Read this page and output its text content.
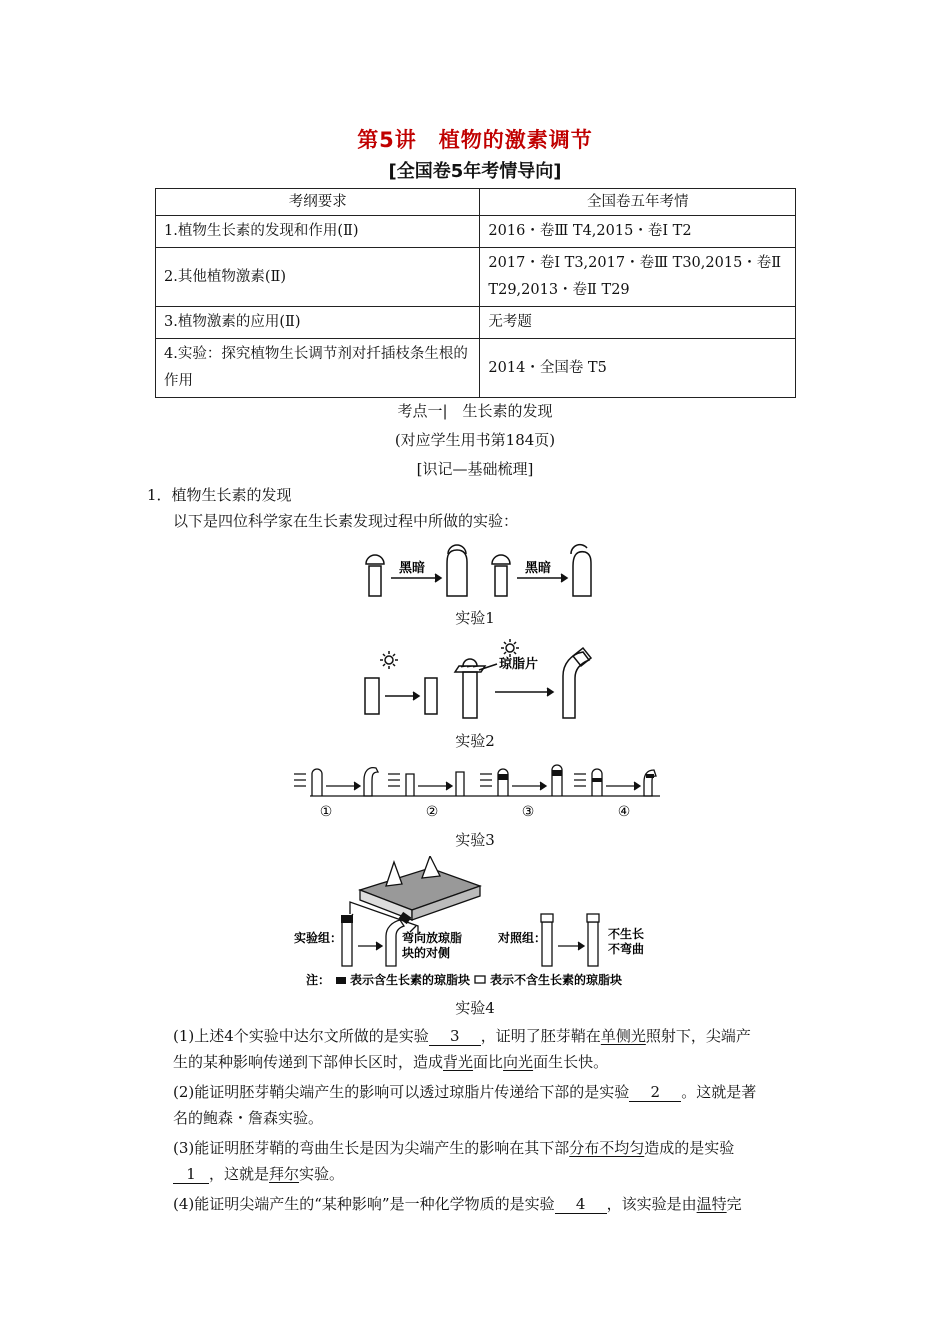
第5讲　植物的激素调节
[全国卷5年考情导向]
考纲要求	全国卷五年考情
1.植物生长素的发现和作用(Ⅱ)	2016・卷Ⅲ T4,2015・卷Ⅰ T2
2.其他植物激素(Ⅱ)	2017・卷Ⅰ T3,2017・卷Ⅲ T30,2015・卷Ⅱ T29,2013・卷Ⅱ T29
3.植物激素的应用(Ⅱ)	无考题
4.实验：探究植物生长调节剂对扦插枝条生根的作用	2014・全国卷 T5
考点一|　生长素的发现
(对应学生用书第184页)
[识记—基础梳理]
1．植物生长素的发现
以下是四位科学家在生长素发现过程中所做的实验：
黑暗	黑暗
实验1
琼脂片
实验2
①	②	③	④
实验3
实验组：	弯向放琼脂
块的对侧
对照组：	不生长
不弯曲
注： 表示含生长素的琼脂块 表示不含生长素的琼脂块
实验4
(1)上述4个实验中达尔文所做的是实验 3 ，证明了胚芽鞘在单侧光照射下，尖端产
生的某种影响传递到下部伸长区时，造成背光面比向光面生长快。
(2)能证明胚芽鞘尖端产生的影响可以透过琼脂片传递给下部的是实验 2 。这就是著
名的鲍森・詹森实验。
(3)能证明胚芽鞘的弯曲生长是因为尖端产生的影响在其下部分布不均匀造成的是实验
1 ，这就是拜尔实验。
(4)能证明尖端产生的“某种影响”是一种化学物质的是实验 4 ，该实验是由温特完
